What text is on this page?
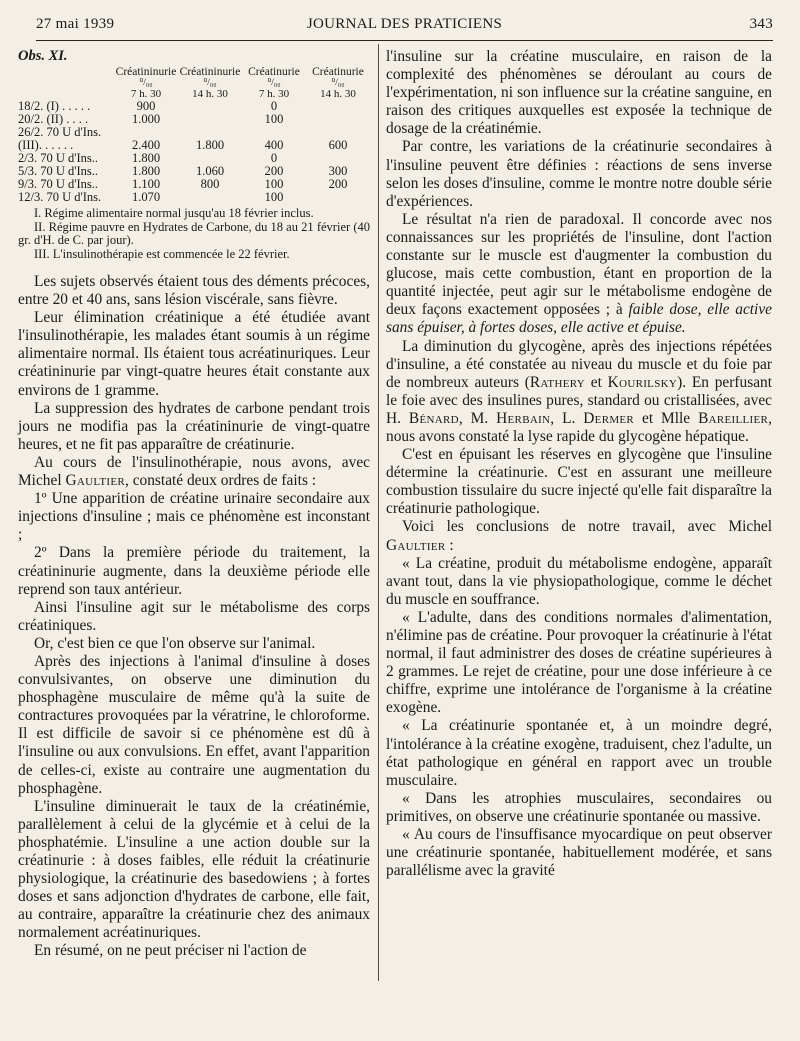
27 mai 1939	JOURNAL DES PRATICIENS	343
Obs. XI.
	Créatininurie	Créatininurie	Créatinurie	Créatinurie
	⁰/₀₀	⁰/₀₀	⁰/₀₀	⁰/₀₀
	7 h. 30	14 h. 30	7 h. 30	14 h. 30
18/2. (I) . . . . .	900		0	
20/2. (II) . . . .	1.000		100	
26/2. 70 U d'Ins.				
(III). . . . . .	2.400	1.800	400	600
2/3. 70 U d'Ins..	1.800		0	
5/3. 70 U d'Ins..	1.800	1.060	200	300
9/3. 70 U d'Ins..	1.100	800	100	200
12/3. 70 U d'Ins.	1.070		100	

I. Régime alimentaire normal jusqu'au 18 février inclus.

II. Régime pauvre en Hydrates de Carbone, du 18 au 21 février (40 gr. d'H. de C. par jour).

III. L'insulinothérapie est commencée le 22 février.

Les sujets observés étaient tous des déments précoces, entre 20 et 40 ans, sans lésion viscérale, sans fièvre.

Leur élimination créatinique a été étudiée avant l'insulinothérapie, les malades étant soumis à un régime alimentaire normal. Ils étaient tous acréatinuriques. Leur créatininurie par vingt-quatre heures était constante aux environs de 1 gramme.

La suppression des hydrates de carbone pendant trois jours ne modifia pas la créatininurie de vingt-quatre heures, et ne fit pas apparaître de créatinurie.

Au cours de l'insulinothérapie, nous avons, avec Michel Gaultier, constaté deux ordres de faits :

1º Une apparition de créatine urinaire secondaire aux injections d'insuline ; mais ce phénomène est inconstant ;

2º Dans la première période du traitement, la créatininurie augmente, dans la deuxième période elle reprend son taux antérieur.

Ainsi l'insuline agit sur le métabolisme des corps créatiniques.

Or, c'est bien ce que l'on observe sur l'animal.

Après des injections à l'animal d'insuline à doses convulsivantes, on observe une diminution du phosphagène musculaire de même qu'à la suite de contractures provoquées par la vératrine, le chloroforme. Il est difficile de savoir si ce phénomène est dû à l'insuline ou aux convulsions. En effet, avant l'apparition de celles-ci, existe au contraire une augmentation du phosphagène.

L'insuline diminuerait le taux de la créatinémie, parallèlement à celui de la glycémie et à celui de la phosphatémie. L'insuline a une action double sur la créatinurie : à doses faibles, elle réduit la créatinurie physiologique, la créatinurie des basedowiens ; à fortes doses et sans adjonction d'hydrates de carbone, elle fait, au contraire, apparaître la créatinurie chez des animaux normalement acréatinuriques.

En résumé, on ne peut préciser ni l'action de

l'insuline sur la créatine musculaire, en raison de la complexité des phénomènes se déroulant au cours de l'expérimentation, ni son influence sur la créatine sanguine, en raison des critiques auxquelles est exposée la technique de dosage de la créatinémie.

Par contre, les variations de la créatinurie secondaires à l'insuline peuvent être définies : réactions de sens inverse selon les doses d'insuline, comme le montre notre double série d'expériences.

Le résultat n'a rien de paradoxal. Il concorde avec nos connaissances sur les propriétés de l'insuline, dont l'action constante sur le muscle est d'augmenter la combustion du glucose, mais cette combustion, étant en proportion de la quantité injectée, peut agir sur le métabolisme endogène de deux façons exactement opposées ; à faible dose, elle active sans épuiser, à fortes doses, elle active et épuise.

La diminution du glycogène, après des injections répétées d'insuline, a été constatée au niveau du muscle et du foie par de nombreux auteurs (Rathery et Kourilsky). En perfusant le foie avec des insulines pures, standard ou cristallisées, avec H. Bénard, M. Herbain, L. Dermer et Mlle Bareillier, nous avons constaté la lyse rapide du glycogène hépatique.

C'est en épuisant les réserves en glycogène que l'insuline détermine la créatinurie. C'est en assurant une meilleure combustion tissulaire du sucre injecté qu'elle fait disparaître la créatinurie pathologique.

Voici les conclusions de notre travail, avec Michel Gaultier :

« La créatine, produit du métabolisme endogène, apparaît avant tout, dans la vie physiopathologique, comme le déchet du muscle en souffrance.

« L'adulte, dans des conditions normales d'alimentation, n'élimine pas de créatine. Pour provoquer la créatinurie à l'état normal, il faut administrer des doses de créatine supérieures à 2 grammes. Le rejet de créatine, pour une dose inférieure à ce chiffre, exprime une intolérance de l'organisme à la créatine exogène.

« La créatinurie spontanée et, à un moindre degré, l'intolérance à la créatine exogène, traduisent, chez l'adulte, un état pathologique en général en rapport avec un trouble musculaire.

« Dans les atrophies musculaires, secondaires ou primitives, on observe une créatinurie spontanée ou massive.

« Au cours de l'insuffisance myocardique on peut observer une créatinurie spontanée, habituellement modérée, et sans parallélisme avec la gravité
